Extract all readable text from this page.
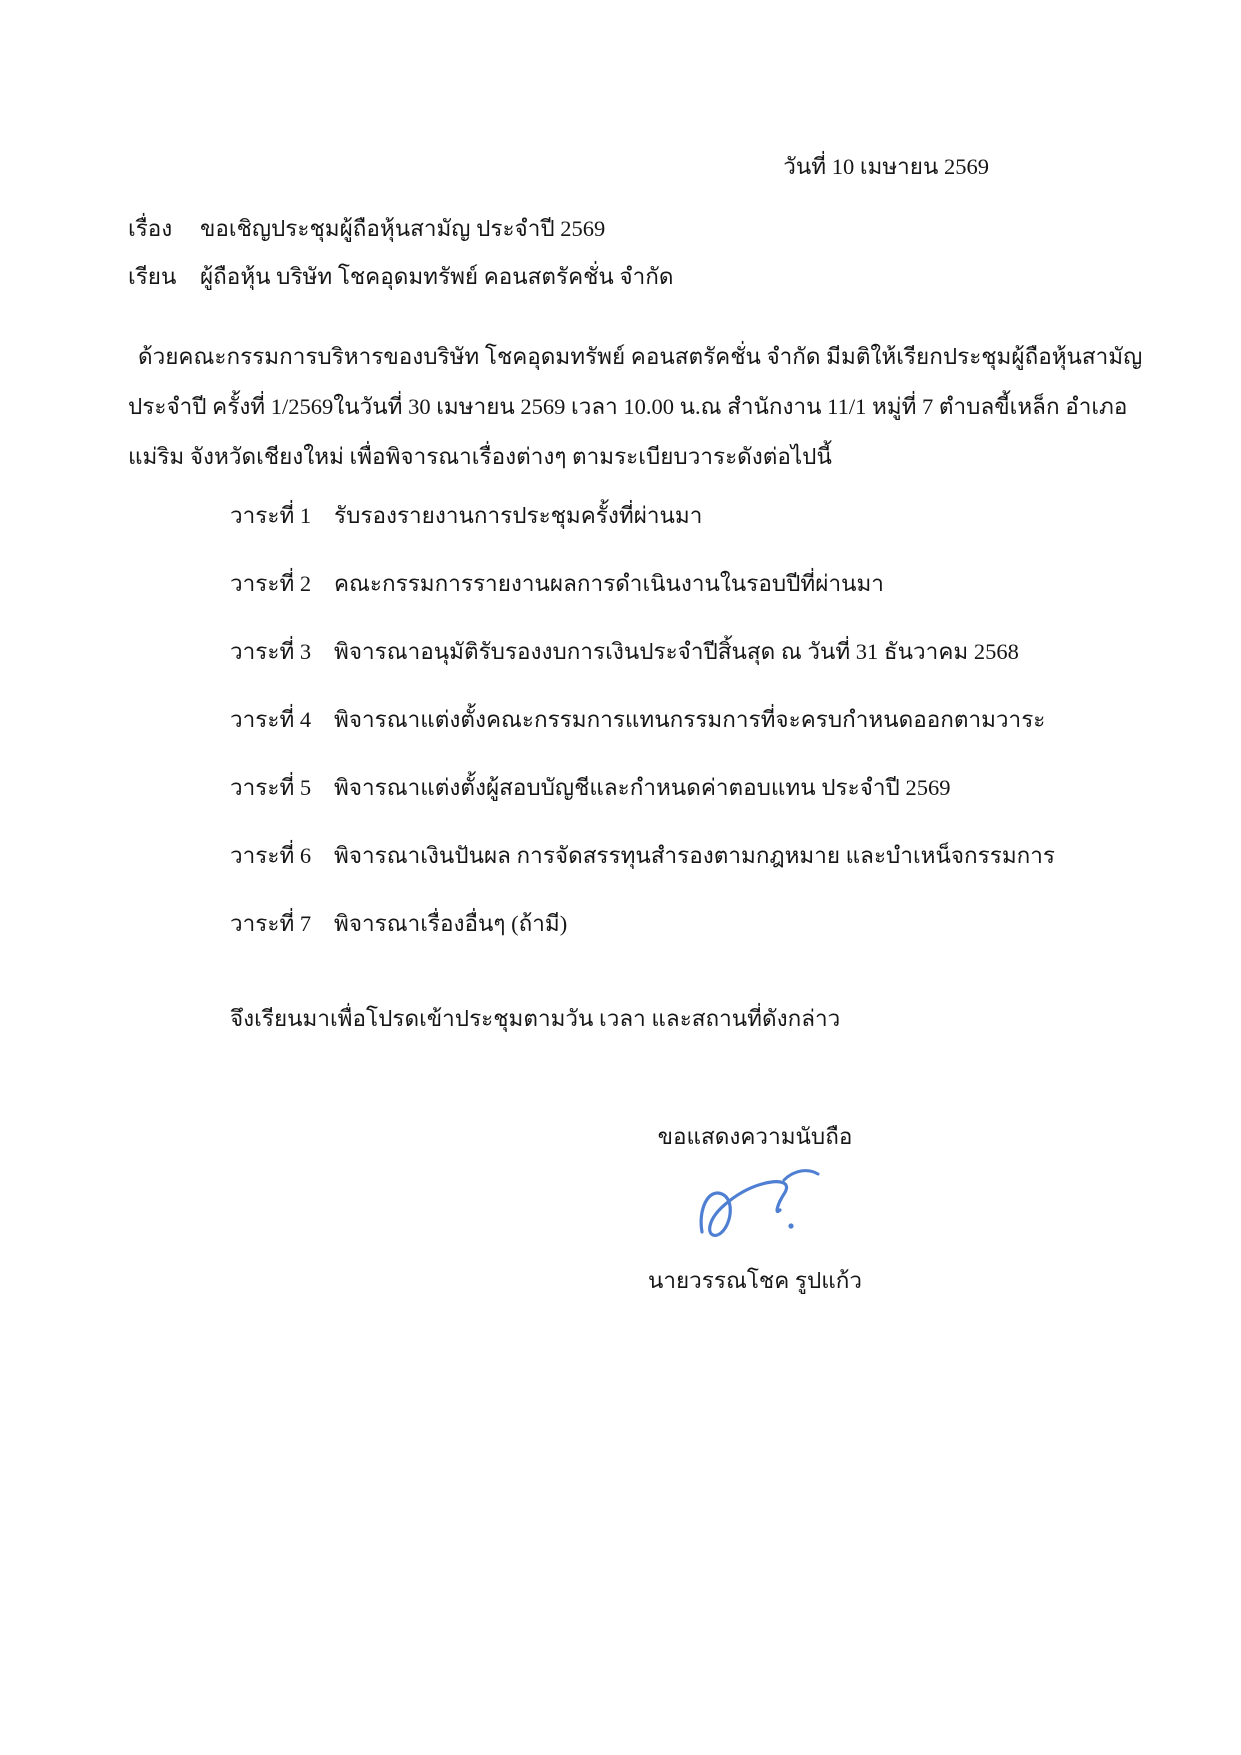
วันที่ 10 เมษายน 2569
เรื่อง	ขอเชิญประชุมผู้ถือหุ้นสามัญ ประจำปี 2569
เรียน	ผู้ถือหุ้น บริษัท โชคอุดมทรัพย์ คอนสตรัคชั่น จำกัด
ด้วยคณะกรรมการบริหารของบริษัท โชคอุดมทรัพย์ คอนสตรัคชั่น จำกัด มีมติให้เรียกประชุมผู้ถือหุ้นสามัญ
ประจำปี ครั้งที่ 1/2569ในวันที่ 30 เมษายน 2569 เวลา 10.00 น.ณ สำนักงาน 11/1 หมู่ที่ 7 ตำบลขี้เหล็ก อำเภอ
แม่ริม จังหวัดเชียงใหม่ เพื่อพิจารณาเรื่องต่างๆ ตามระเบียบวาระดังต่อไปนี้
วาระที่ 1	รับรองรายงานการประชุมครั้งที่ผ่านมา
วาระที่ 2	คณะกรรมการรายงานผลการดำเนินงานในรอบปีที่ผ่านมา
วาระที่ 3	พิจารณาอนุมัติรับรองงบการเงินประจำปีสิ้นสุด ณ วันที่ 31 ธันวาคม 2568
วาระที่ 4	พิจารณาแต่งตั้งคณะกรรมการแทนกรรมการที่จะครบกำหนดออกตามวาระ
วาระที่ 5	พิจารณาแต่งตั้งผู้สอบบัญชีและกำหนดค่าตอบแทน ประจำปี 2569
วาระที่ 6	พิจารณาเงินปันผล การจัดสรรทุนสำรองตามกฎหมาย และบำเหน็จกรรมการ
วาระที่ 7	พิจารณาเรื่องอื่นๆ (ถ้ามี)
จึงเรียนมาเพื่อโปรดเข้าประชุมตามวัน เวลา และสถานที่ดังกล่าว
ขอแสดงความนับถือ
นายวรรณโชค รูปแก้ว
